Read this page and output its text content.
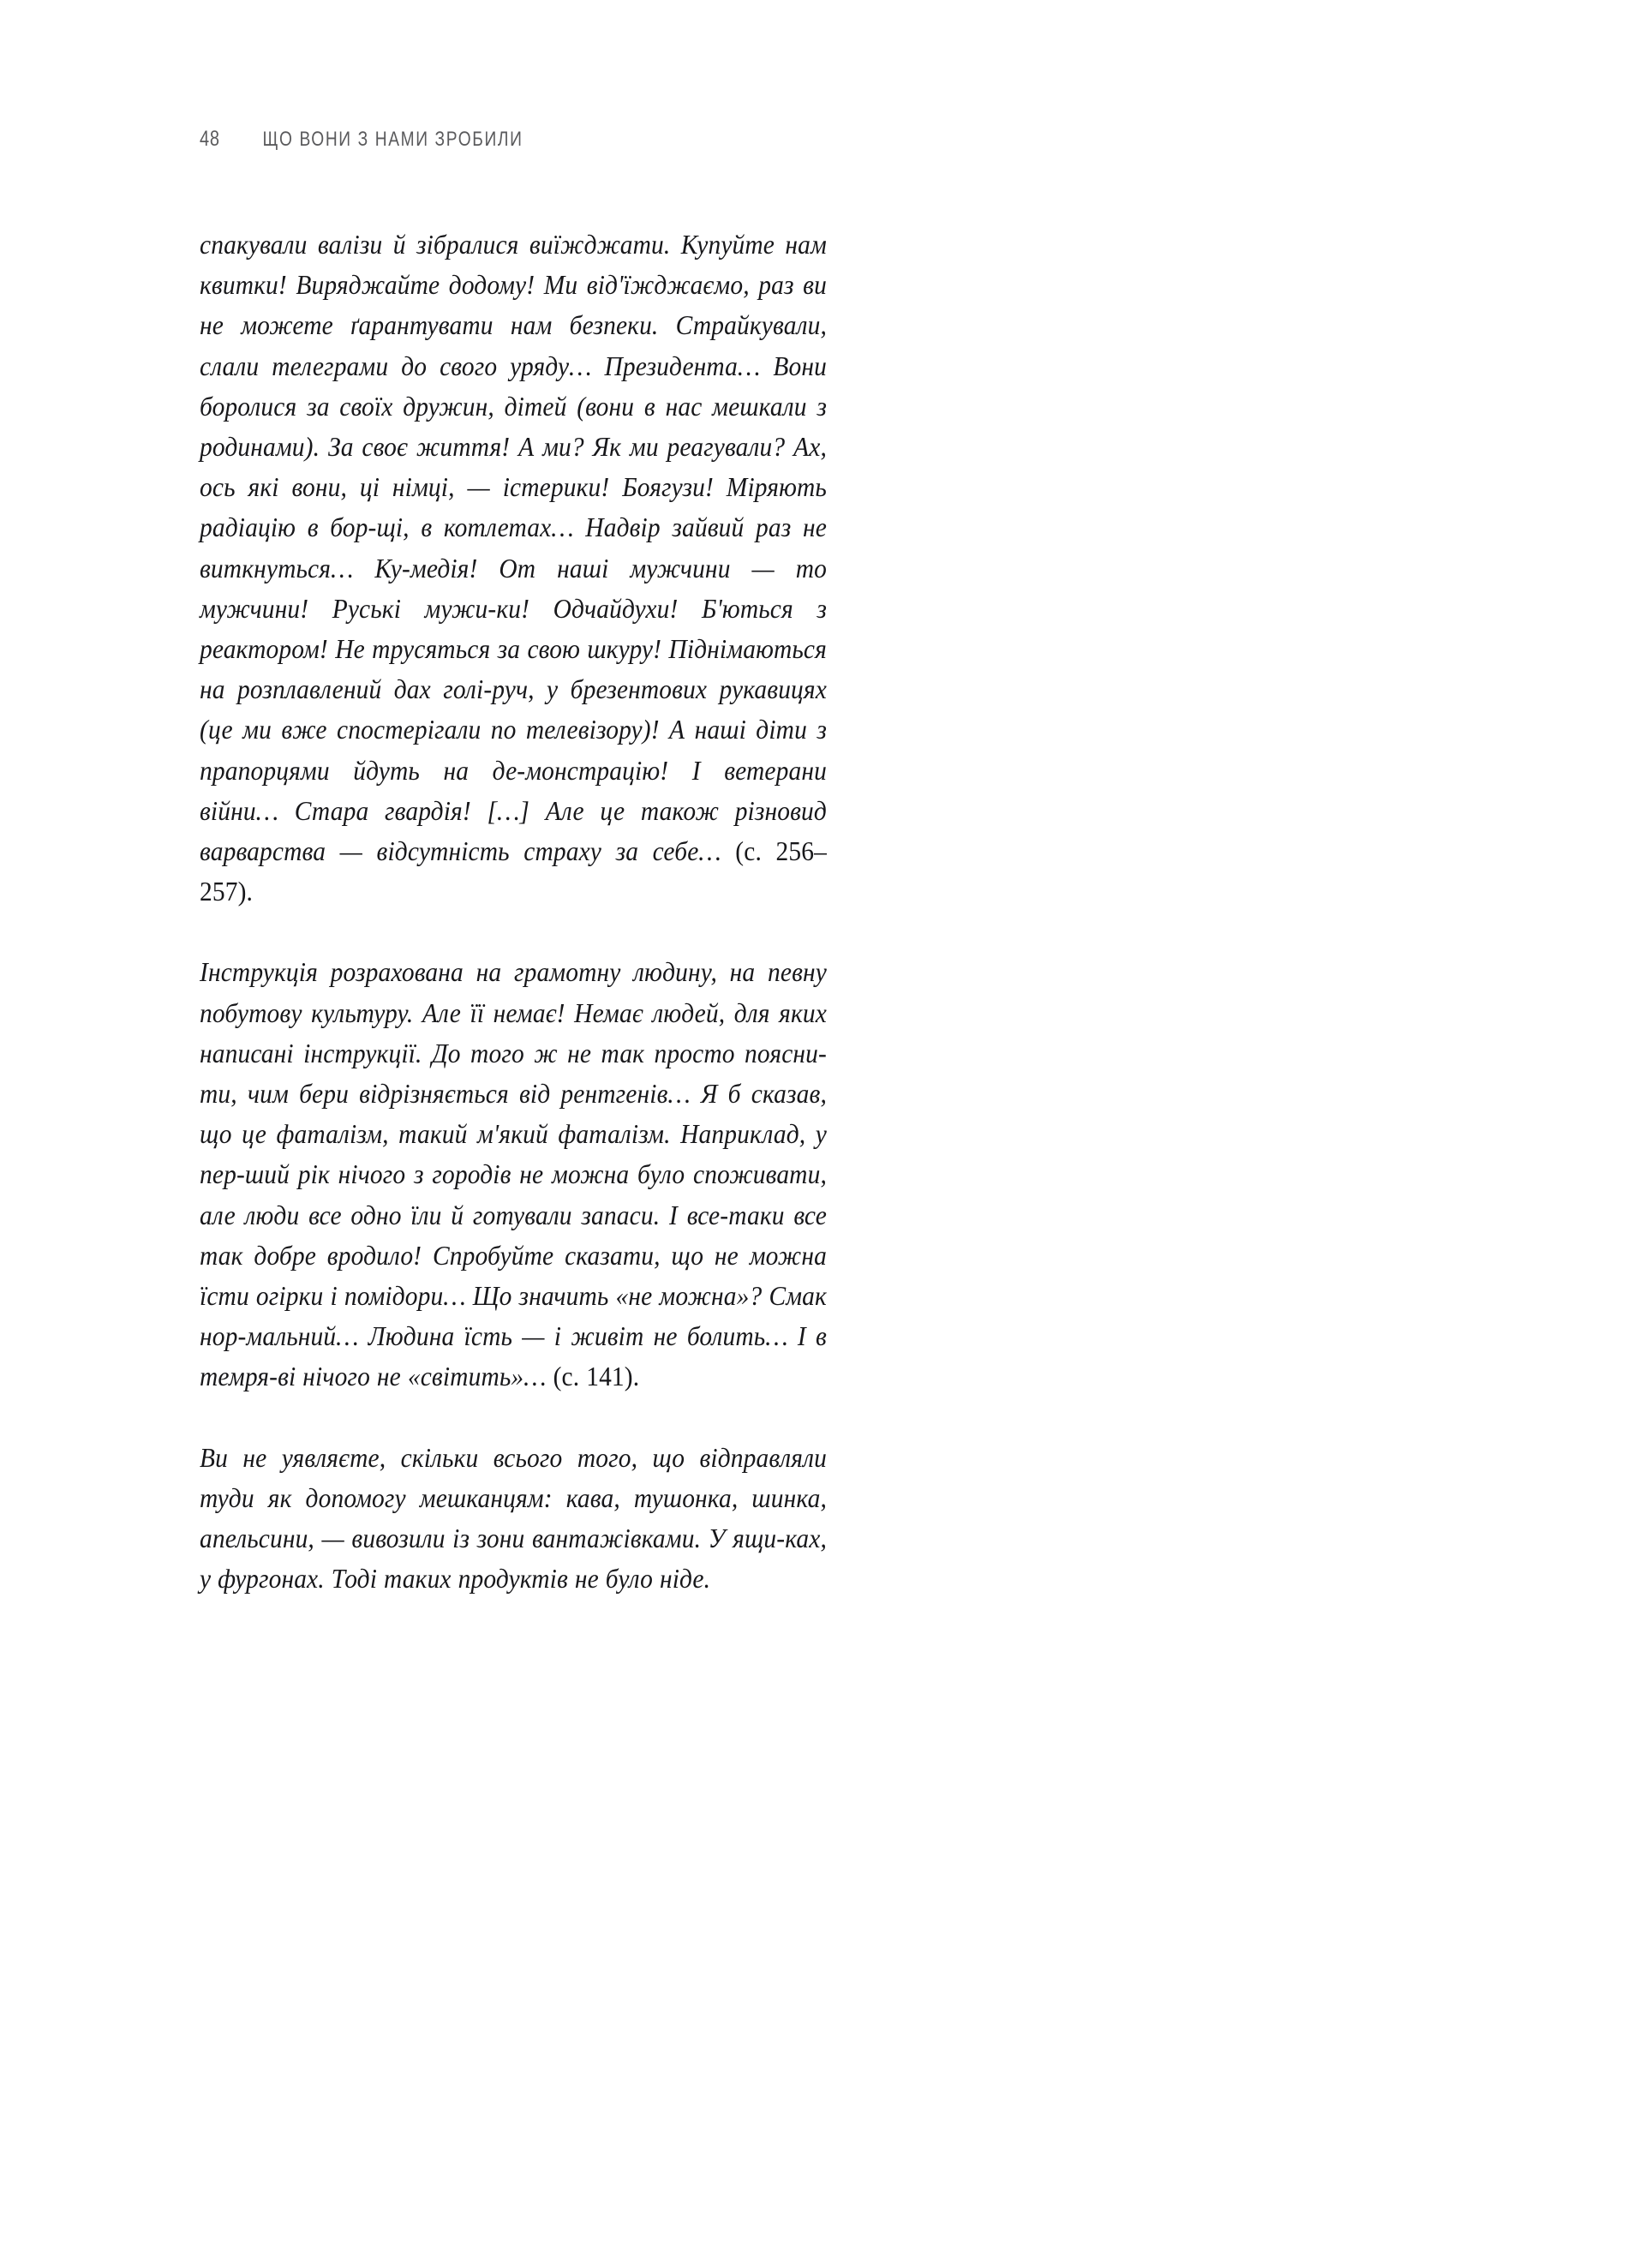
48 ЩО ВОНИ З НАМИ ЗРОБИЛИ

спакували валізи й зібралися виїжджати. Купуйте нам квитки! Виряджайте додому! Ми від'їжджаємо, раз ви не можете ґарантувати нам безпеки. Страйкували, слали телеграми до свого уряду… Президента… Вони боролися за своїх дружин, дітей (вони в нас мешкали з родинами). За своє життя! А ми? Як ми реагували? Ах, ось які вони, ці німці, — істерики! Боягузи! Міряють радіацію в бор-щі, в котлетах… Надвір зайвий раз не виткнуться… Ку-медія! От наші мужчини — то мужчини! Руські мужи-ки! Одчайдухи! Б'ються з реактором! Не трусяться за свою шкуру! Піднімаються на розплавлений дах голі-руч, у брезентових рукавицях (це ми вже спостерігали по телевізору)! А наші діти з прапорцями йдуть на де-монстрацію! І ветерани війни… Стара гвардія! […] Але це також різновид варварства — відсутність страху за себе… (с. 256–257).

Інструкція розрахована на грамотну людину, на певну побутову культуру. Але її немає! Немає людей, для яких написані інструкції. До того ж не так просто поясни-ти, чим бери відрізняється від рентгенів… Я б сказав, що це фаталізм, такий м'який фаталізм. Наприклад, у пер-ший рік нічого з городів не можна було споживати, але люди все одно їли й готували запаси. І все-таки все так добре вродило! Спробуйте сказати, що не можна їсти огірки і помідори… Що значить «не можна»? Смак нор-мальний… Людина їсть — і живіт не болить… І в темря-ві нічого не «світить»… (с. 141).

Ви не уявляєте, скільки всього того, що відправляли туди як допомогу мешканцям: кава, тушонка, шинка, апельсини, — вивозили із зони вантажівками. У ящи-ках, у фургонах. Тоді таких продуктів не було ніде.
